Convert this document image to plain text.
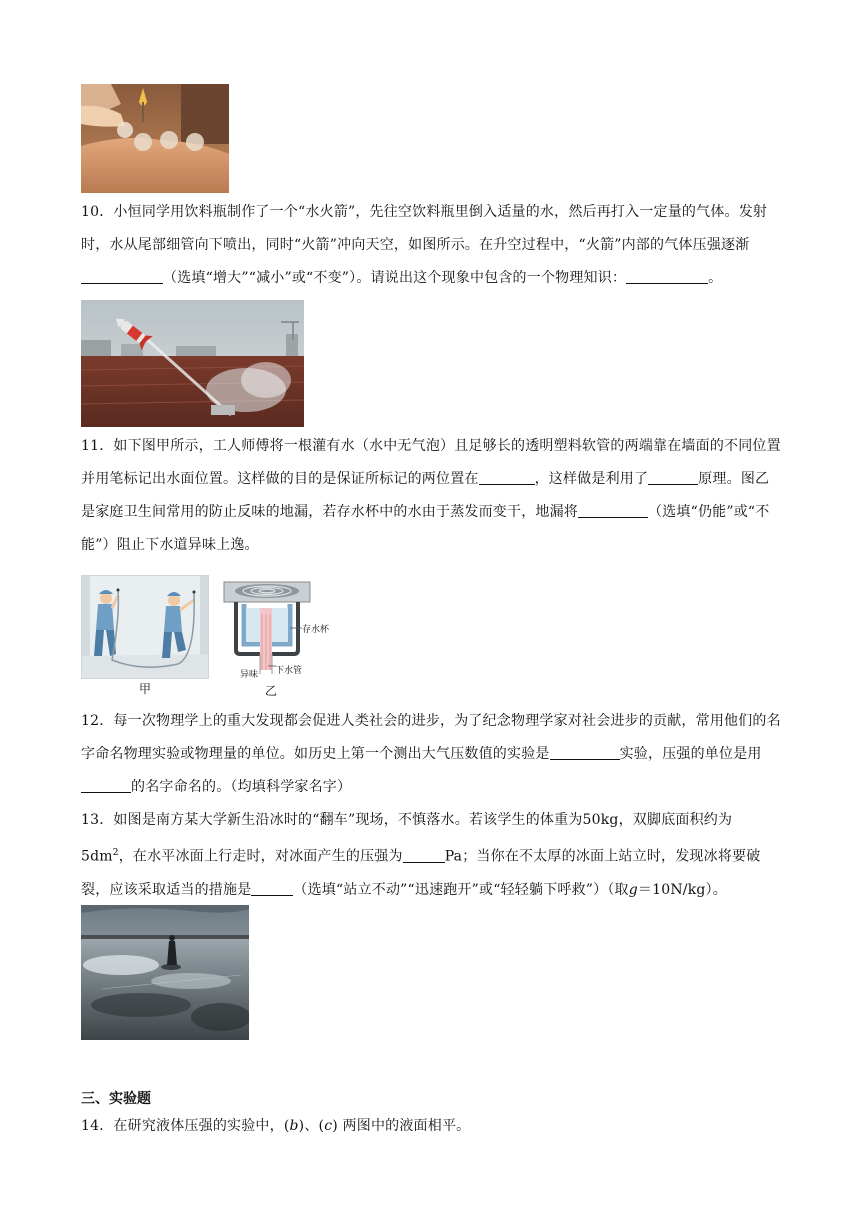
10．小恒同学用饮料瓶制作了一个“水火箭”，先往空饮料瓶里倒入适量的水，然后再打入一定量的气体。发射时，水从尾部细管向下喷出，同时“火箭”冲向天空，如图所示。在升空过程中，“火箭”内部的气体压强逐渐（选填“增大”“减小”或“不变”）。请说出这个现象中包含的一个物理知识：	。
11．如下图甲所示，工人师傅将一根灌有水（水中无气泡）且足够长的透明塑料软管的两端靠在墙面的不同位置并用笔标记出水面位置。这样做的目的是保证所标记的两位置在	，这样做是利用了	原理。图乙是家庭卫生间常用的防止反味的地漏，若存水杯中的水由于蒸发而变干，地漏将	（选填“仍能”或“不能”）阻止下水道异味上逸。
甲
存水杯
异味 下水管
乙
12．每一次物理学上的重大发现都会促进人类社会的进步，为了纪念物理学家对社会进步的贡献，常用他们的名字命名物理实验或物理量的单位。如历史上第一个测出大气压数值的实验是	实验，压强的单位是用的名字命名的。（均填科学家名字）
13．如图是南方某大学新生沿冰时的“翻车”现场，不慎落水。若该学生的体重为50kg，双脚底面积约为$5dm^2$，在水平冰面上行走时，对冰面产生的压强为	Pa；当你在不太厚的冰面上站立时，发现冰将要破裂，应该采取适当的措施是	（选填“站立不动”“迅速跑开”或“轻轻躺下呼救”）（取g＝10N/kg）。
三、实验题
14．在研究液体压强的实验中，(b)、(c) 两图中的液面相平。
